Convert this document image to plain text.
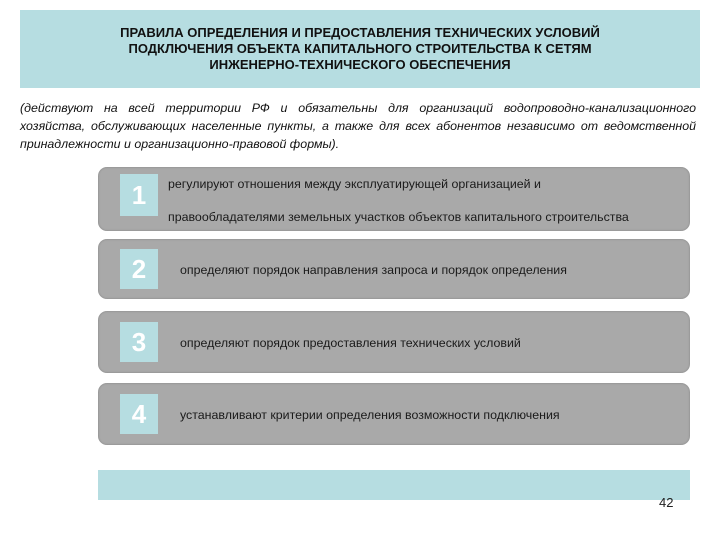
ПРАВИЛА ОПРЕДЕЛЕНИЯ И ПРЕДОСТАВЛЕНИЯ ТЕХНИЧЕСКИХ УСЛОВИЙ
ПОДКЛЮЧЕНИЯ ОБЪЕКТА КАПИТАЛЬНОГО СТРОИТЕЛЬСТВА К СЕТЯМ
ИНЖЕНЕРНО-ТЕХНИЧЕСКОГО ОБЕСПЕЧЕНИЯ

(действуют на всей территории РФ и обязательны для организаций водопроводно-канализационного хозяйства, обслуживающих населенные пункты, а также для всех абонентов независимо от ведомственной принадлежности и организационно-правовой формы).

1	регулируют отношения между эксплуатирующей организацией и
правообладателями земельных участков объектов капитального строительства
2	определяют порядок направления запроса и порядок определения
3	определяют порядок предоставления технических условий
4	устанавливают критерии определения возможности подключения
42
